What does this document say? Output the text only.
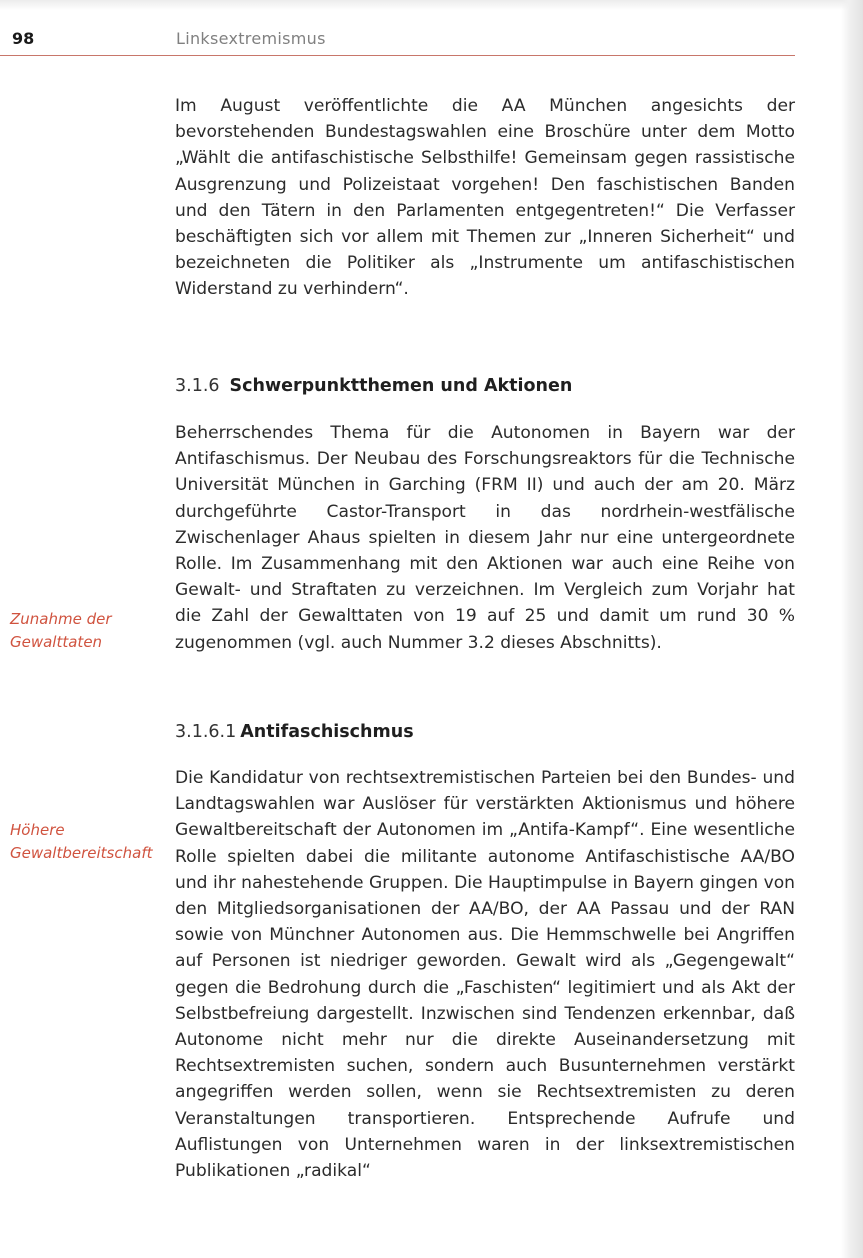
98	Linksextremismus

Im August veröffentlichte die AA München angesichts der bevorstehenden Bundestagswahlen eine Broschüre unter dem Motto „Wählt die antifaschistische Selbsthilfe! Gemeinsam gegen rassistische Ausgrenzung und Polizeistaat vorgehen! Den faschistischen Banden und den Tätern in den Parlamenten entgegentreten!“ Die Verfasser beschäftigten sich vor allem mit Themen zur „Inneren Sicherheit“ und bezeichneten die Politiker als „Instrumente um antifaschistischen Widerstand zu verhindern“.

3.1.6 Schwerpunktthemen und Aktionen

Beherrschendes Thema für die Autonomen in Bayern war der Antifaschismus. Der Neubau des Forschungsreaktors für die Technische Universität München in Garching (FRM II) und auch der am 20. März durchgeführte Castor-Transport in das nordrhein-westfälische Zwischenlager Ahaus spielten in diesem Jahr nur eine untergeordnete Rolle. Im Zusammenhang mit den Aktionen war auch eine Reihe von Gewalt- und Straftaten zu verzeichnen. Im Vergleich zum Vorjahr hat die Zahl der Gewalttaten von 19 auf 25 und damit um rund 30 % zugenommen (vgl. auch Nummer 3.2 dieses Abschnitts).

Zunahme der Gewalttaten
3.1.6.1 Antifaschischmus

Die Kandidatur von rechtsextremistischen Parteien bei den Bundes- und Landtagswahlen war Auslöser für verstärkten Aktionismus und höhere Gewaltbereitschaft der Autonomen im „Antifa-Kampf“. Eine wesentliche Rolle spielten dabei die militante autonome Antifaschistische AA/BO und ihr nahestehende Gruppen. Die Hauptimpulse in Bayern gingen von den Mitgliedsorganisationen der AA/BO, der AA Passau und der RAN sowie von Münchner Autonomen aus. Die Hemmschwelle bei Angriffen auf Personen ist niedriger geworden. Gewalt wird als „Gegengewalt“ gegen die Bedrohung durch die „Faschisten“ legitimiert und als Akt der Selbstbefreiung dargestellt. Inzwischen sind Tendenzen erkennbar, daß Autonome nicht mehr nur die direkte Auseinandersetzung mit Rechtsextremisten suchen, sondern auch Busunternehmen verstärkt angegriffen werden sollen, wenn sie Rechtsextremisten zu deren Veranstaltungen transportieren. Entsprechende Aufrufe und Auflistungen von Unternehmen waren in der linksextremistischen Publikationen „radikal“

Höhere Gewaltbereitschaft
